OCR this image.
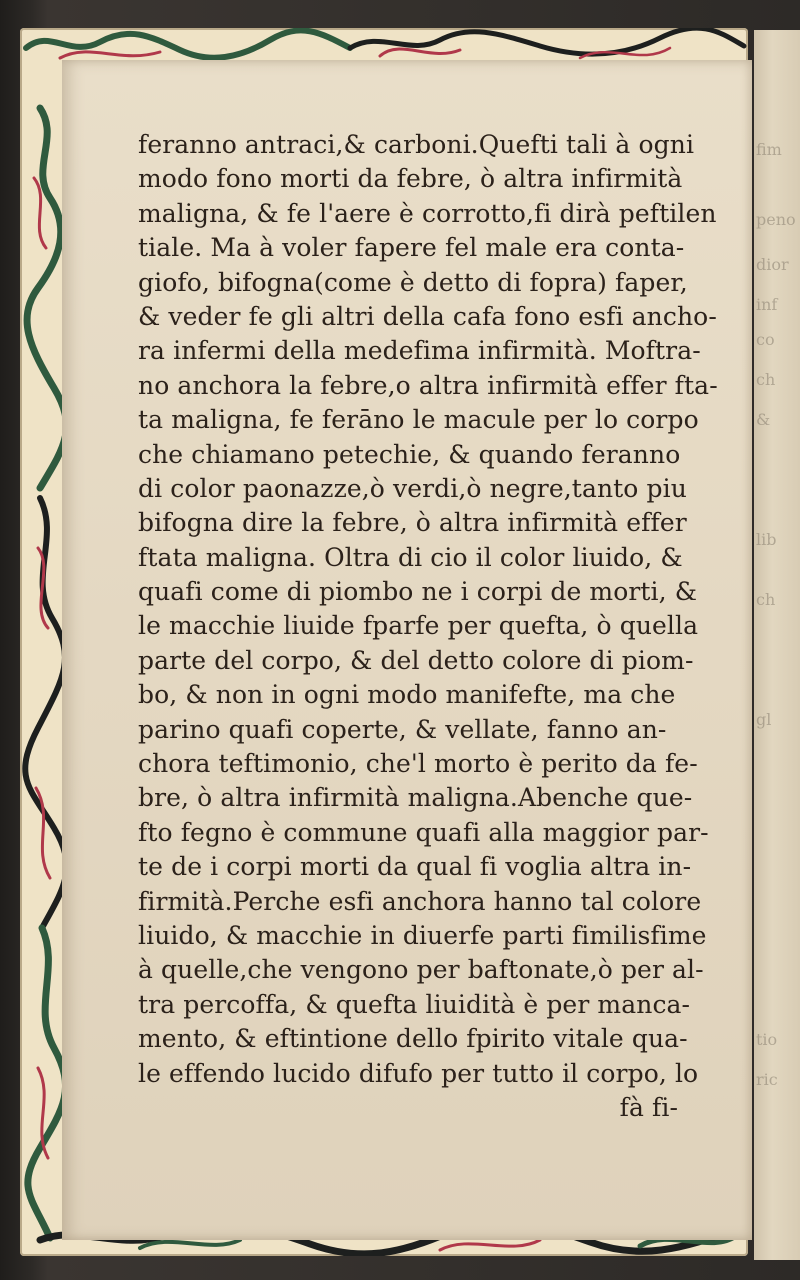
fim
peno
dior
inf
co
ch
&
lib
ch
gl
tio
ric
feranno antraci,& carboni.Quefti tali à ogni
modo fono morti da febre, ò altra infirmità
maligna, & fe l'aere è corrotto,fi dirà peftilen
tiale. Ma à voler fapere fel male era conta-
giofo, bifogna(come è detto di fopra) faper,
& veder fe gli altri della cafa fono esfi ancho-
ra infermi della medefima infirmità. Moftra-
no anchora la febre,o altra infirmità effer fta-
ta maligna, fe ferāno le macule per lo corpo
che chiamano petechie, & quando feranno
di color paonazze,ò verdi,ò negre,tanto piu
bifogna dire la febre, ò altra infirmità effer
ftata maligna. Oltra di cio il color liuido, &
quafi come di piombo ne i corpi de morti, &
le macchie liuide fparfe per quefta, ò quella
parte del corpo, & del detto colore di piom-
bo, & non in ogni modo manifefte, ma che
parino quafi coperte, & vellate, fanno an-
chora teftimonio, che'l morto è perito da fe-
bre, ò altra infirmità maligna.Abenche que-
fto fegno è commune quafi alla maggior par-
te de i corpi morti da qual fi voglia altra in-
firmità.Perche esfi anchora hanno tal colore
liuido, & macchie in diuerfe parti fimilisfime
à quelle,che vengono per baftonate,ò per al-
tra percoffa, & quefta liuidità è per manca-
mento, & eftintione dello fpirito vitale qua-
le effendo lucido difufo per tutto il corpo, lo
fà fi-
